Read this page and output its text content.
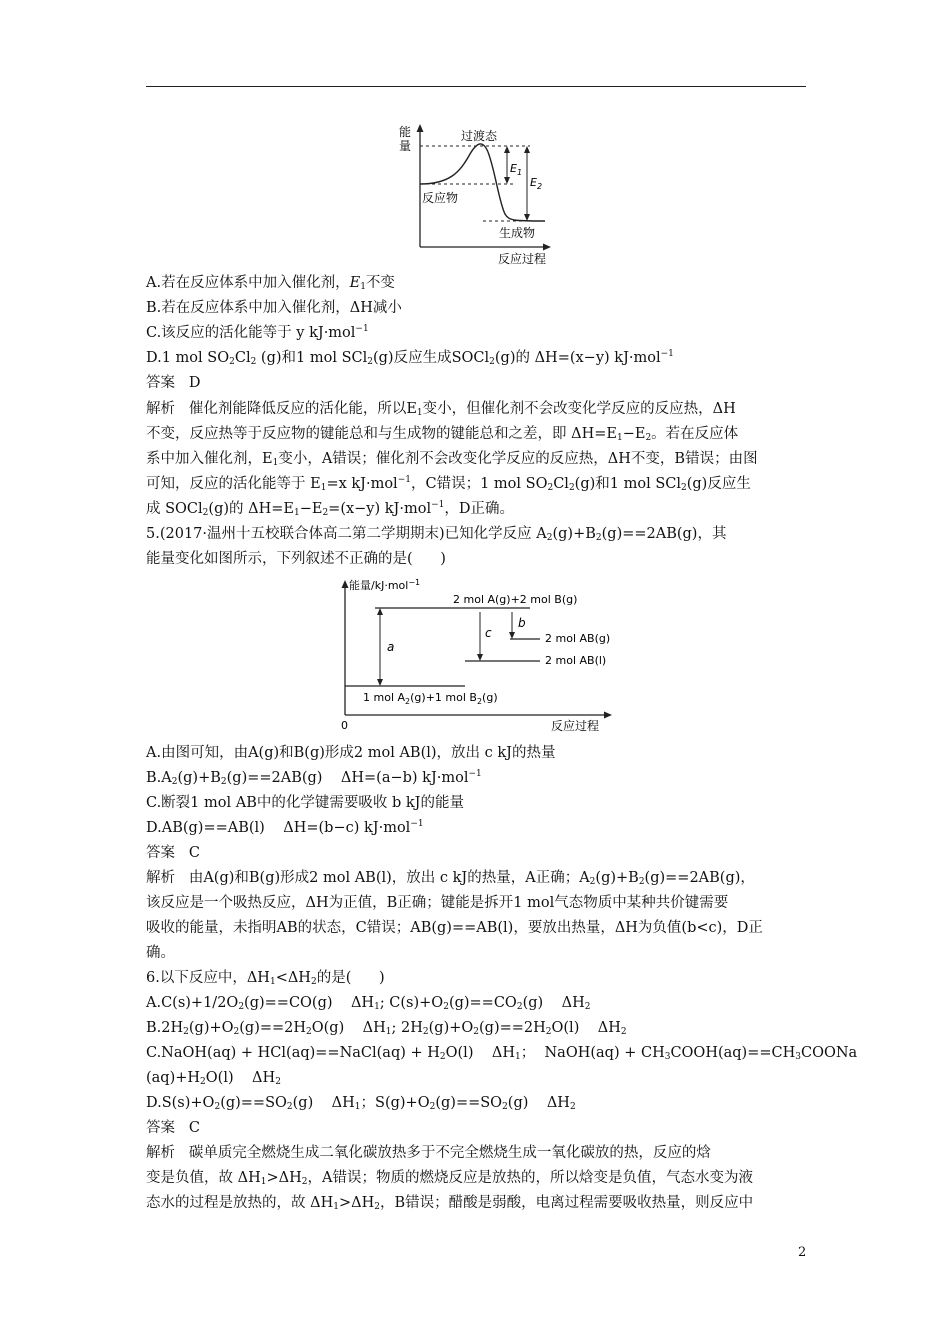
能
量
过渡态
$E_1$
$E_2$
反应物
生成物
反应过程
A.若在反应体系中加入催化剂，$E_1$不变
B.若在反应体系中加入催化剂，ΔH减小
C.该反应的活化能等于 y kJ·mol$^{-1}$
D.1 mol $SO_2Cl_2$ (g)和1 mol SCl$_2$(g)反应生成SOCl$_2$(g)的 ΔH=(x−y) kJ·mol$^{-1}$
答案   D
解析   催化剂能降低反应的活化能，所以$E_1$变小，但催化剂不会改变化学反应的反应热，ΔH
不变，反应热等于反应物的键能总和与生成物的键能总和之差，即 $\Delta H=E_1-E_2$。若在反应体
系中加入催化剂，$E_1$变小，A错误；催化剂不会改变化学反应的反应热，ΔH不变，B错误；由图
可知，反应的活化能等于 $E_1=x$ kJ·mol$^{-1}$，C错误；1 mol $SO_2Cl_2(g)$和1 mol SCl$_2$(g)反应生
成 SOCl$_2$(g)的 $\Delta H=E_1-E_2=(x-y)$ kJ·mol$^{-1}$，D正确。
5.(2017·温州十五校联合体高二第二学期期末)已知化学反应 $A_2(g)+B_2(g)==2AB(g)$，其
能量变化如图所示，下列叙述不正确的是(      )
能量/kJ·mol$^{-1}$
2 mol A(g)+2 mol B(g)
2 mol AB(g)
2 mol AB(l)
1 mol $A_2(g)+1$ mol $B_2(g)$
a
c
b
0	反应过程
A.由图可知，由A(g)和B(g)形成2 mol AB(l)，放出 c kJ的热量
$B.A_2(g)+B_2(g)==2AB(g)$    ΔH=(a−b) kJ·mol$^{-1}$
C.断裂1 mol AB中的化学键需要吸收 b kJ的能量
D.AB(g)==AB(l)    ΔH=(b−c) kJ·mol$^{-1}$
答案   C
解析   由A(g)和B(g)形成2 mol AB(l)，放出 c kJ的热量，A正确；$A_2(g)+B_2(g)==2AB(g)$，
该反应是一个吸热反应，ΔH为正值，B正确；键能是拆开1 mol气态物质中某种共价键需要
吸收的能量，未指明AB的状态，C错误；AB(g)==AB(l)，要放出热量，ΔH为负值(b<c)，D正
确。
6.以下反应中，$\Delta H_1<\Delta H_2$的是(      )
$A.C(s)+1/2O_2(g)==CO(g)$    $\Delta H_1$; $C(s)+O_2(g)==CO_2(g)$    $\Delta H_2$
$B.2H_2(g)+O_2(g)==2H_2O(g)$    $\Delta H_1$; $2H_2(g)+O_2(g)==2H_2O(l)$    $\Delta H_2$
C.NaOH(aq) + HCl(aq)==NaCl(aq) + $H_2O(l)$    $\Delta H_1$；  NaOH(aq) + $CH_3COOH(aq)==CH_3COONa$
$(aq)+H_2O(l)$    $\Delta H_2$
$D.S(s)+O_2(g)==SO_2(g)$    $\Delta H_1$；$S(g)+O_2(g)==SO_2(g)$    $\Delta H_2$
答案   C
解析   碳单质完全燃烧生成二氧化碳放热多于不完全燃烧生成一氧化碳放的热，反应的焓
变是负值，故 $\Delta H_1>\Delta H_2$，A错误；物质的燃烧反应是放热的，所以焓变是负值，气态水变为液
态水的过程是放热的，故 $\Delta H_1>\Delta H_2$，B错误；醋酸是弱酸，电离过程需要吸收热量，则反应中
2
